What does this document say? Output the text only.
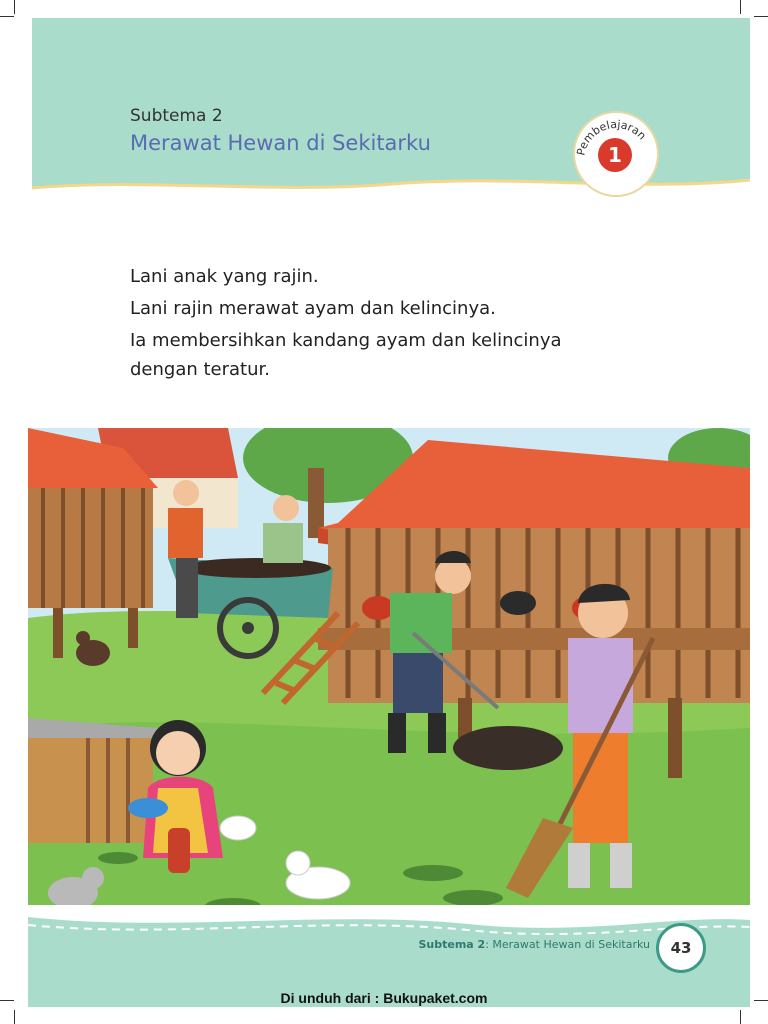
Subtema 2
Merawat Hewan di Sekitarku	Pembelajaran
1

Lani anak yang rajin.

Lani rajin merawat ayam dan kelincinya.

Ia membersihkan kandang ayam dan kelincinya dengan teratur.

Subtema 2: Merawat Hewan di Sekitarku	43
Di unduh dari : Bukupaket.com
